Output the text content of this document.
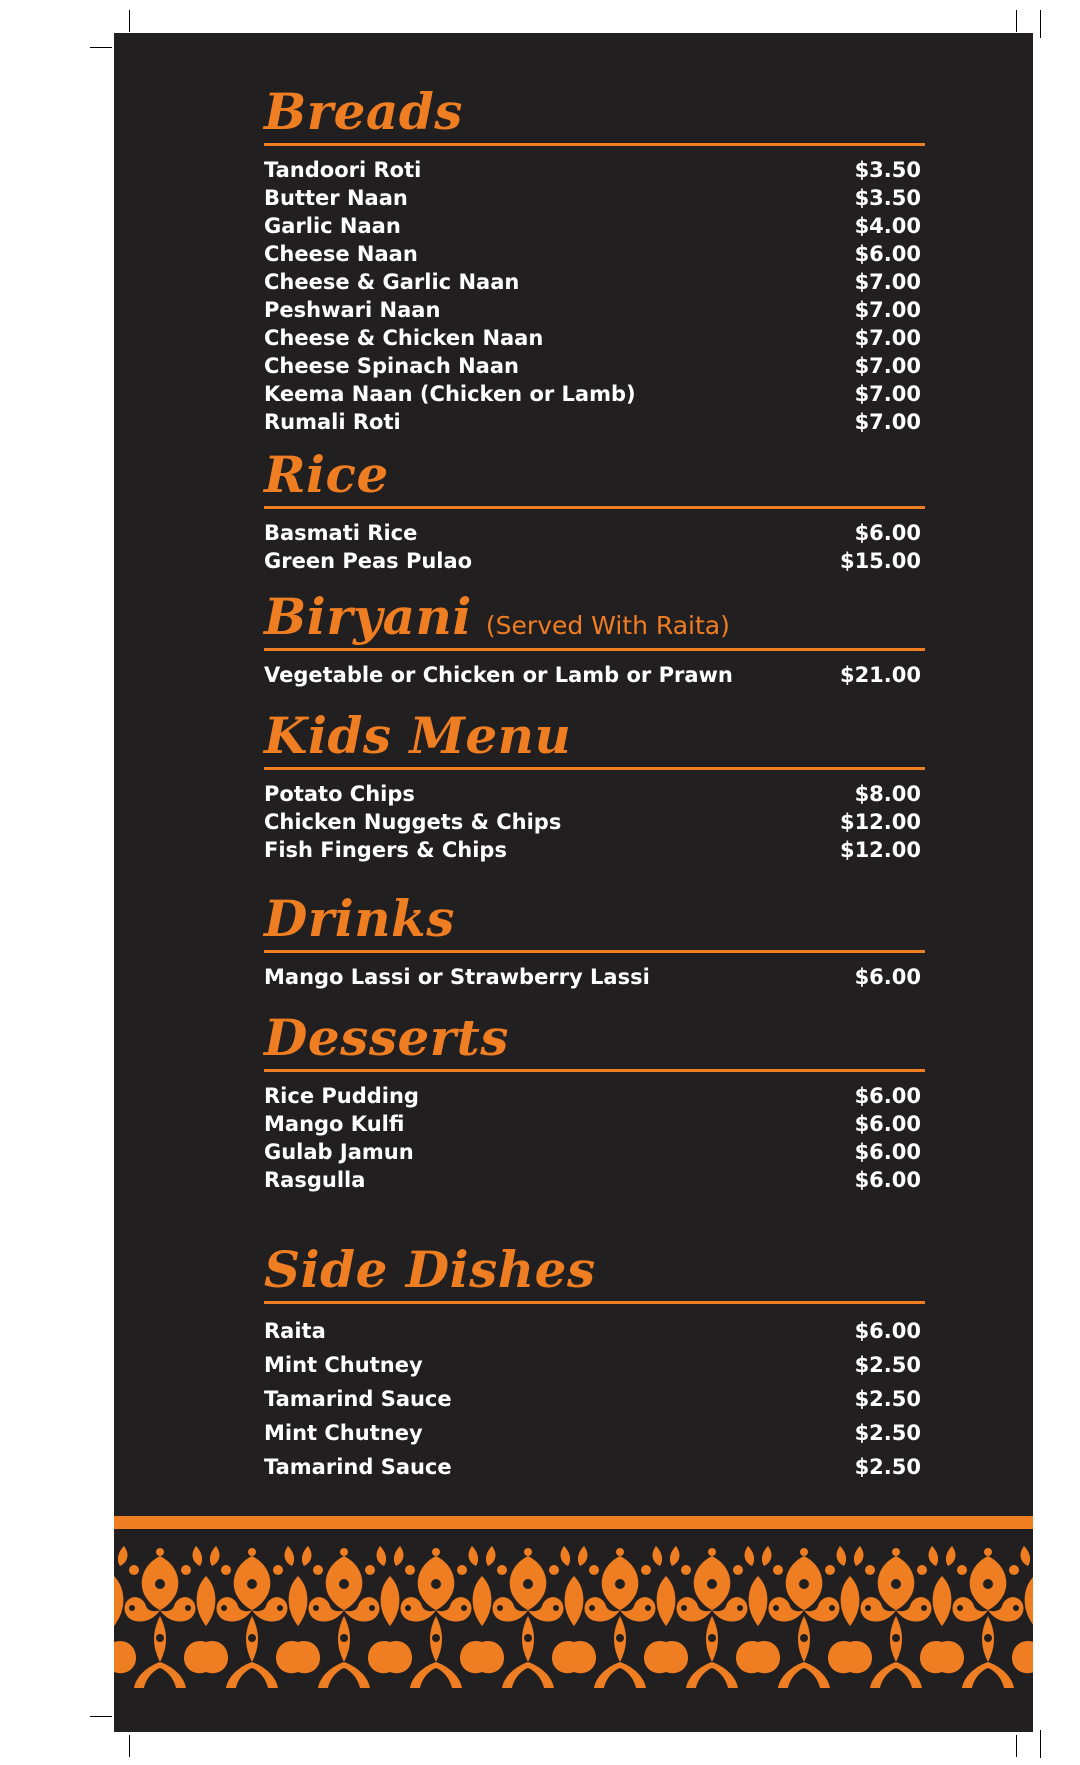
Breads
Tandoori Roti	$3.50
Butter Naan	$3.50
Garlic Naan	$4.00
Cheese Naan	$6.00
Cheese & Garlic Naan	$7.00
Peshwari Naan	$7.00
Cheese & Chicken Naan	$7.00
Cheese Spinach Naan	$7.00
Keema Naan (Chicken or Lamb)	$7.00
Rumali Roti	$7.00
Rice
Basmati Rice	$6.00
Green Peas Pulao	$15.00
Biryani (Served With Raita)
Vegetable or Chicken or Lamb or Prawn	$21.00
Kids Menu
Potato Chips	$8.00
Chicken Nuggets & Chips	$12.00
Fish Fingers & Chips	$12.00
Drinks
Mango Lassi or Strawberry Lassi	$6.00
Desserts
Rice Pudding	$6.00
Mango Kulfi	$6.00
Gulab Jamun	$6.00
Rasgulla	$6.00
Side Dishes
Raita	$6.00
Mint Chutney	$2.50
Tamarind Sauce	$2.50
Mint Chutney	$2.50
Tamarind Sauce	$2.50
